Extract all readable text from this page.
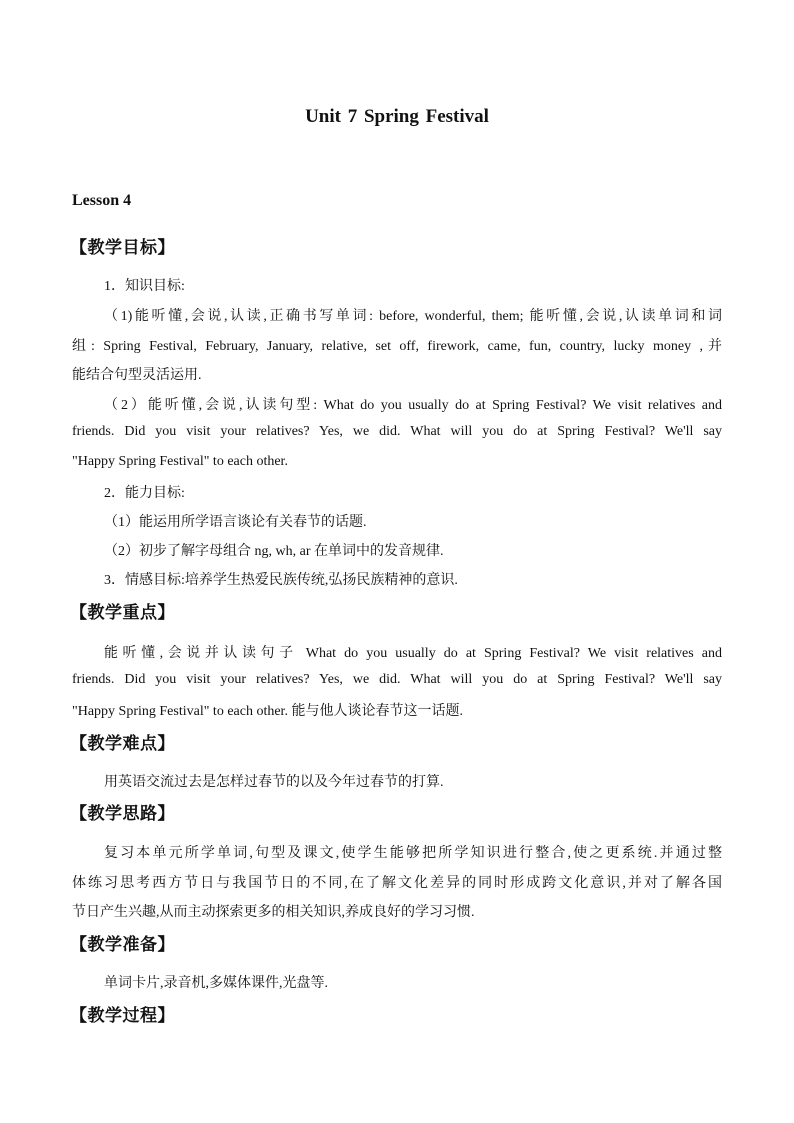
Unit 7 Spring Festival
Lesson 4
【教学目标】

1．知识目标:

（1)能听懂,会说,认读,正确书写单词: before, wonderful, them; 能听懂,会说,认读单词和词

组: Spring Festival, February, January, relative, set off, firework, came, fun, country, lucky money ,并

能结合句型灵活运用.

（2）能听懂,会说,认读句型: What do you usually do at Spring Festival? We visit relatives and

friends. Did you visit your relatives? Yes, we did. What will you do at Spring Festival? We'll say

"Happy Spring Festival" to each other.

2．能力目标:

（1）能运用所学语言谈论有关春节的话题.

（2）初步了解字母组合 ng, wh, ar 在单词中的发音规律.

3．情感目标:培养学生热爱民族传统,弘扬民族精神的意识.

【教学重点】

能听懂,会说并认读句子 What do you usually do at Spring Festival? We visit relatives and

friends. Did you visit your relatives? Yes, we did. What will you do at Spring Festival? We'll say

"Happy Spring Festival" to each other. 能与他人谈论春节这一话题.

【教学难点】

用英语交流过去是怎样过春节的以及今年过春节的打算.

【教学思路】

复习本单元所学单词,句型及课文,使学生能够把所学知识进行整合,使之更系统.并通过整

体练习思考西方节日与我国节日的不同,在了解文化差异的同时形成跨文化意识,并对了解各国

节日产生兴趣,从而主动探索更多的相关知识,养成良好的学习习惯.

【教学准备】

单词卡片,录音机,多媒体课件,光盘等.

【教学过程】
